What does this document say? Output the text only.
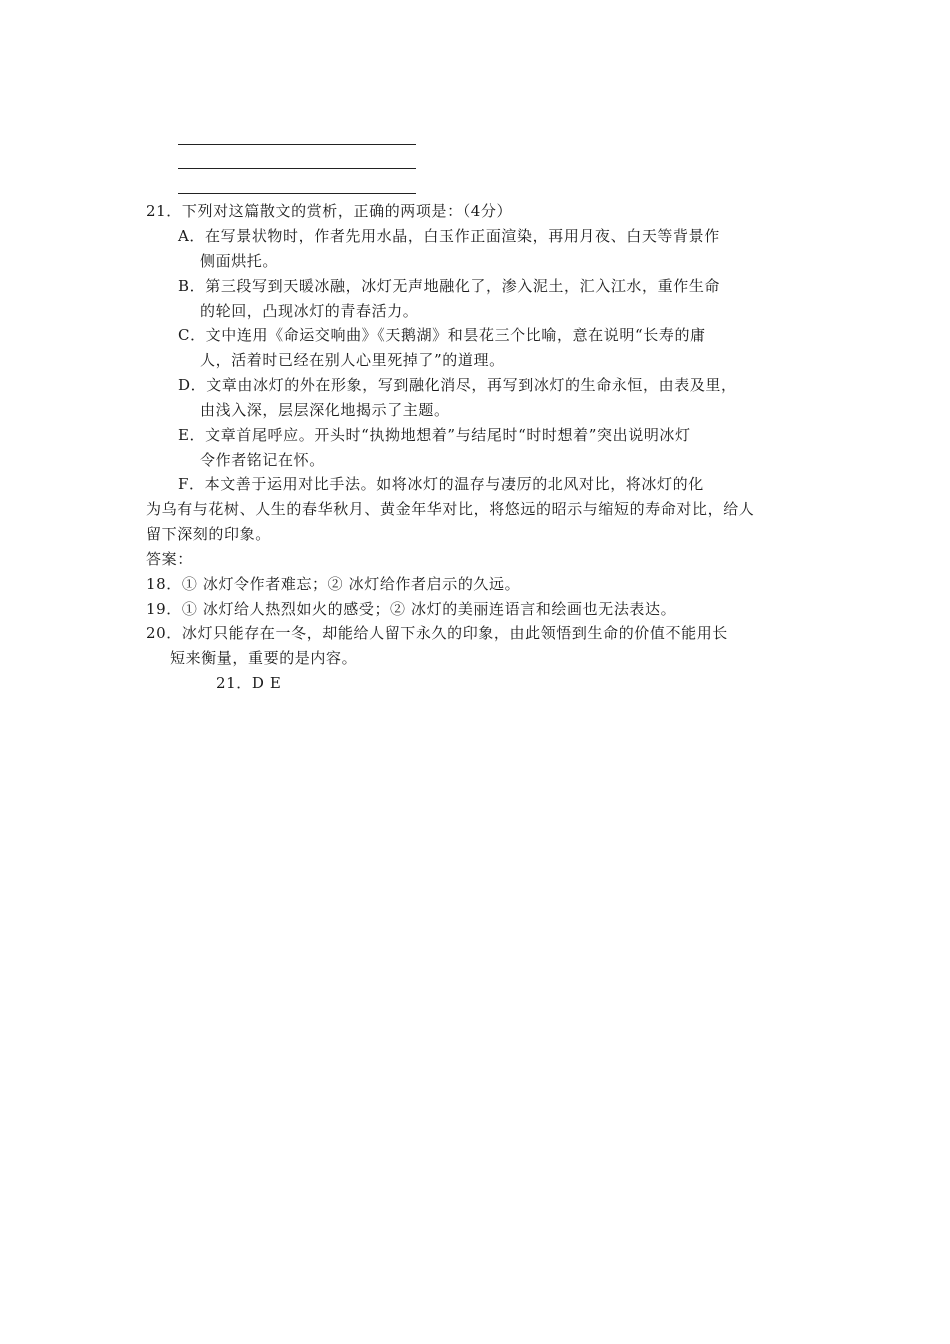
21．下列对这篇散文的赏析，正确的两项是：（4分）
A．在写景状物时，作者先用水晶，白玉作正面渲染，再用月夜、白天等背景作
侧面烘托。
B．第三段写到天暖冰融，冰灯无声地融化了，渗入泥土，汇入江水，重作生命
的轮回，凸现冰灯的青春活力。
C．文中连用《命运交响曲》《天鹅湖》和昙花三个比喻，意在说明“长寿的庸
人，活着时已经在别人心里死掉了”的道理。
D．文章由冰灯的外在形象，写到融化消尽，再写到冰灯的生命永恒，由表及里，
由浅入深，层层深化地揭示了主题。
E．文章首尾呼应。开头时“执拗地想着”与结尾时“时时想着”突出说明冰灯
令作者铭记在怀。
F．本文善于运用对比手法。如将冰灯的温存与凄厉的北风对比，将冰灯的化
为乌有与花树、人生的春华秋月、黄金年华对比，将悠远的昭示与缩短的寿命对比，给人
留下深刻的印象。
答案：
18．① 冰灯令作者难忘；② 冰灯给作者启示的久远。
19．① 冰灯给人热烈如火的感受；② 冰灯的美丽连语言和绘画也无法表达。
20．冰灯只能存在一冬，却能给人留下永久的印象，由此领悟到生命的价值不能用长
短来衡量，重要的是内容。
21．D E
